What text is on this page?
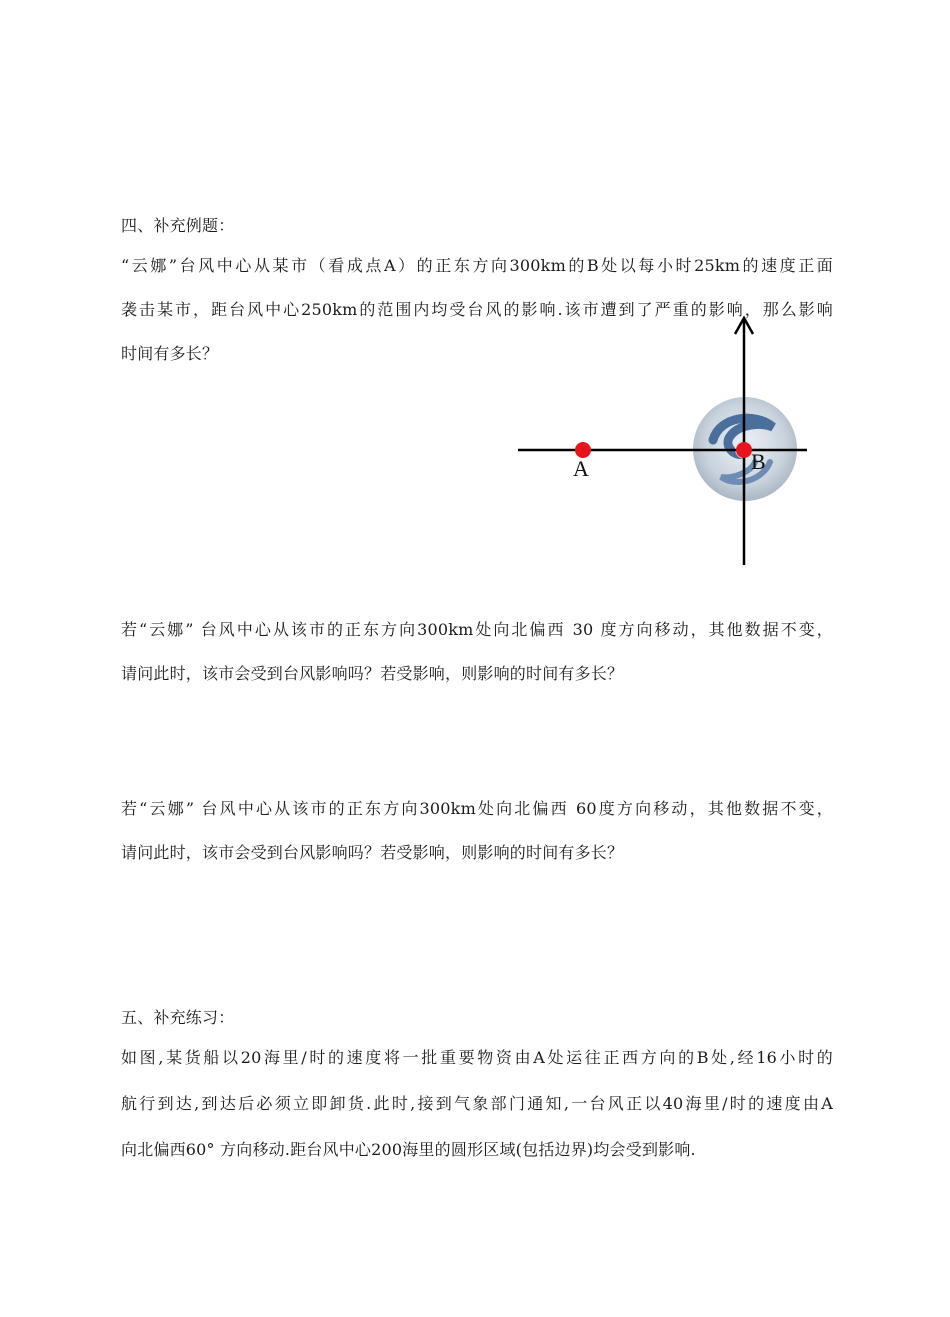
四、补充例题：
“云娜”台风中心从某市（看成点A）的正东方向300km的B处以每小时25km的速度正面
A	B
袭击某市，距台风中心250km的范围内均受台风的影响.该市遭到了严重的影响，那么影响
时间有多长？
若“云娜” 台风中心从该市的正东方向300km处向北偏西 30 度方向移动，其他数据不变，
请问此时，该市会受到台风影响吗？若受影响，则影响的时间有多长？
若“云娜” 台风中心从该市的正东方向300km处向北偏西 60度方向移动，其他数据不变，
请问此时，该市会受到台风影响吗？若受影响，则影响的时间有多长？
五、补充练习：
如图,某货船以20海里/时的速度将一批重要物资由A处运往正西方向的B处,经16小时的
航行到达,到达后必须立即卸货.此时,接到气象部门通知,一台风正以40海里/时的速度由A
向北偏西60° 方向移动.距台风中心200海里的圆形区域(包括边界)均会受到影响.
